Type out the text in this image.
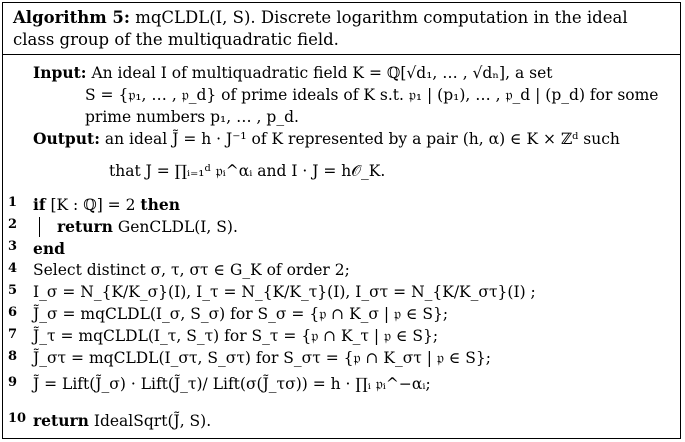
Algorithm 5: mqCLDL(I, S). Discrete logarithm computation in the ideal
class group of the multiquadratic field.
Input: An ideal I of multiquadratic field K = ℚ[√d₁, … , √dₙ], a set
S = {𝔭₁, … , 𝔭_d} of prime ideals of K s.t. 𝔭₁ | (p₁), … , 𝔭_d | (p_d) for some
prime numbers p₁, … , p_d.
Output: an ideal J̃ = h · J⁻¹ of K represented by a pair (h, α) ∈ K × ℤᵈ such
that J = ∏ᵢ₌₁ᵈ 𝔭ᵢ^αᵢ and I · J = h𝒪_K.
1	if [K : ℚ] = 2 then
2	return GenCLDL(I, S).
3	end
4	Select distinct σ, τ, στ ∈ G_K of order 2;
5	I_σ = N_{K/K_σ}(I), I_τ = N_{K/K_τ}(I), I_στ = N_{K/K_στ}(I) ;
6	J̃_σ = mqCLDL(I_σ, S_σ) for S_σ = {𝔭 ∩ K_σ | 𝔭 ∈ S};
7	J̃_τ = mqCLDL(I_τ, S_τ) for S_τ = {𝔭 ∩ K_τ | 𝔭 ∈ S};
8	J̃_στ = mqCLDL(I_στ, S_στ) for S_στ = {𝔭 ∩ K_στ | 𝔭 ∈ S};
9	J̃ = Lift(J̃_σ) · Lift(J̃_τ)/ Lift(σ(J̃_τσ)) = h · ∏ᵢ 𝔭ᵢ^−αᵢ;
10 return IdealSqrt(J̃, S).
